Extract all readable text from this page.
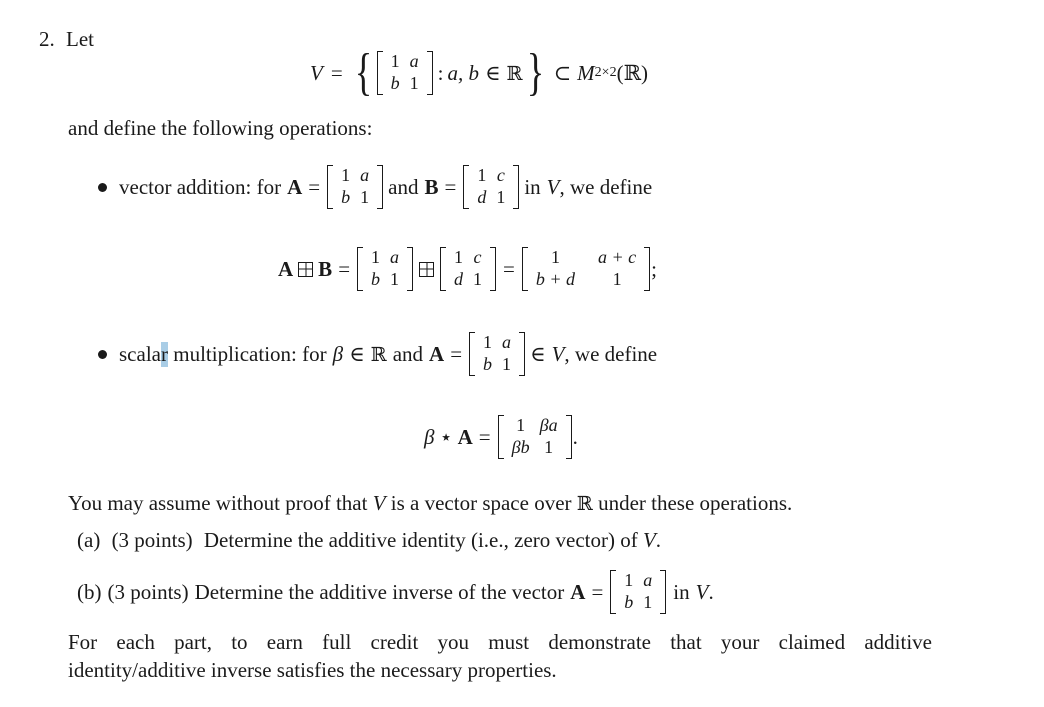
2. Let
V = { 1	a
b	1 : a, b ∈ ℝ } ⊂ M 2×2 (ℝ)
and define the following operations:
vector addition: for A = 1	a
b	1 and B = 1	c
d	1 in V , we define
A B = 1	a
b	1
1	c
d	1 = 1	a + c
b + d	1 ;
scala r multiplication: for β ∈ ℝ and A = 1	a
b	1 ∈ V , we define
β ⋆ A = 1	βa
βb	1 .
You may assume without proof that V is a vector space over ℝ under these operations.
(a) (3 points) Determine the additive identity (i.e., zero vector) of V.
(b) (3 points) Determine the additive inverse of the vector A = 1	a
b	1 in V .
For each part, to earn full credit you must demonstrate that your claimed additive
identity/additive inverse satisfies the necessary properties.
